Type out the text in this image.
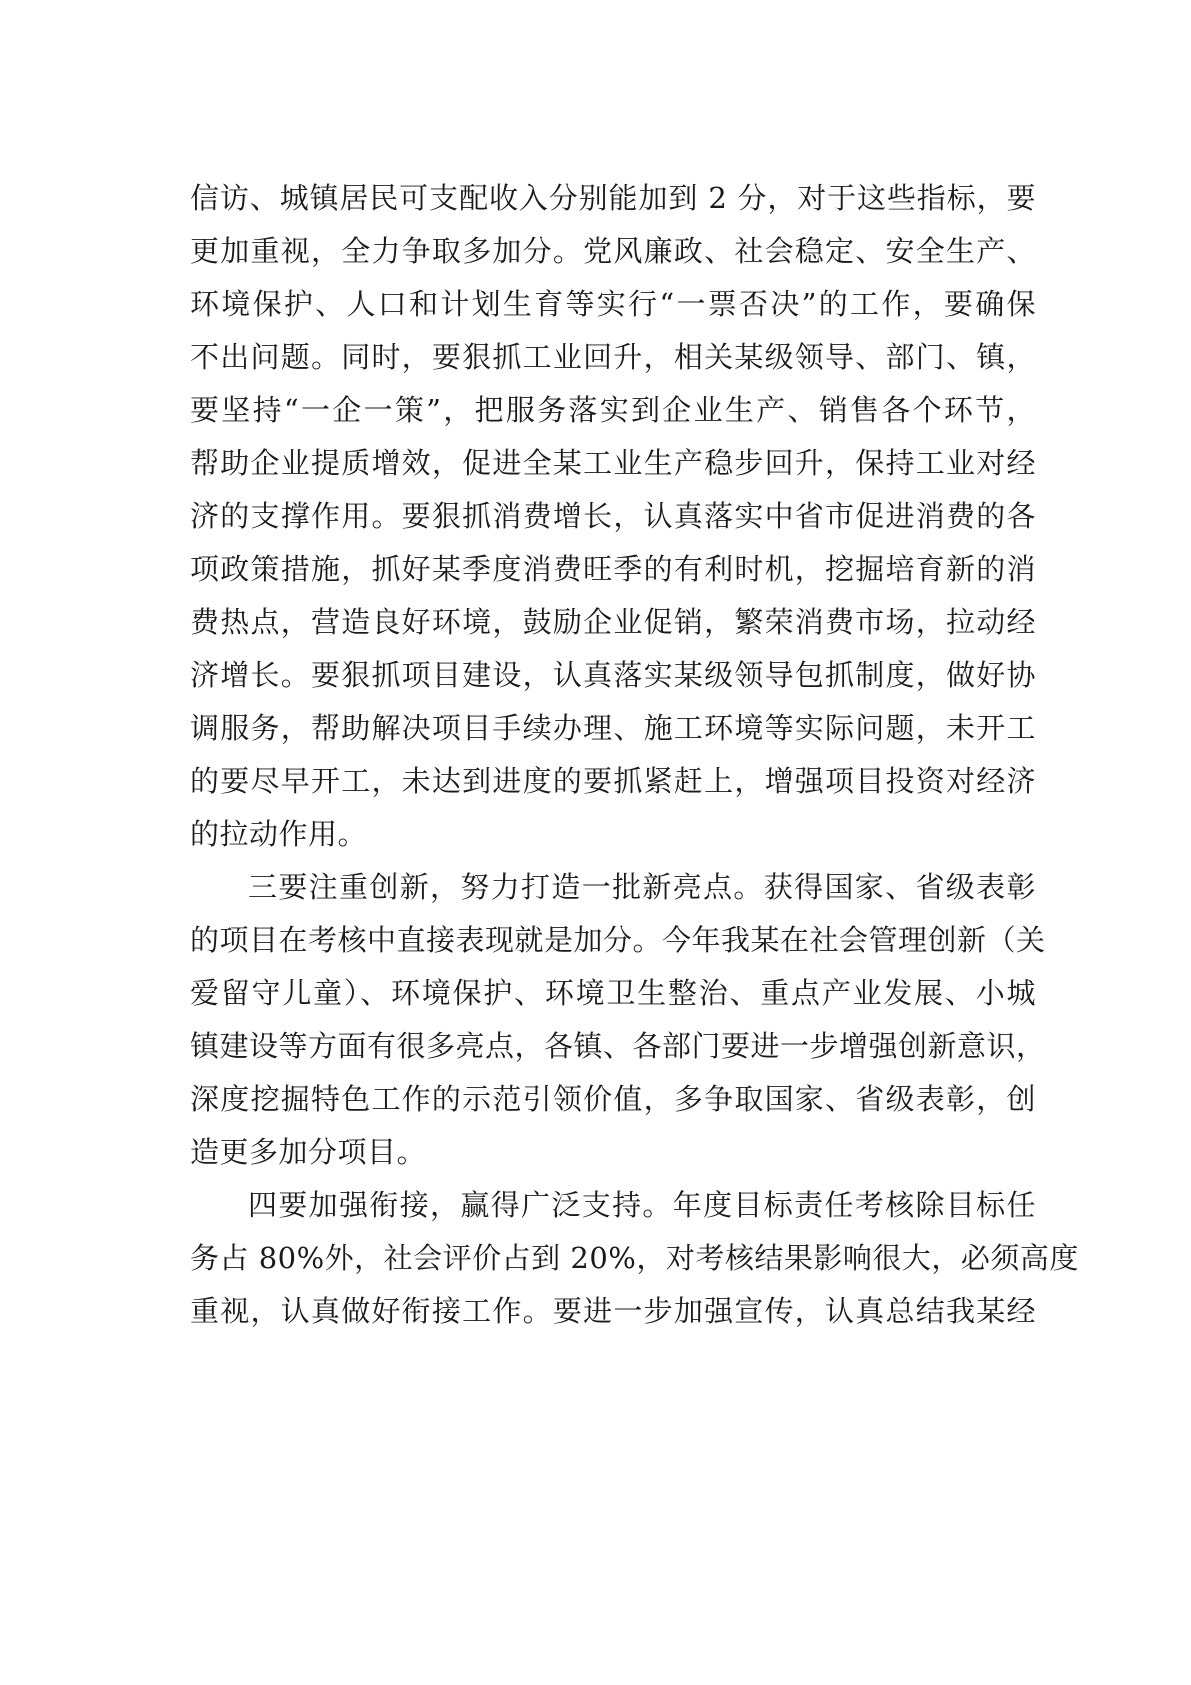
信访、城镇居民可支配收入分别能加到 2 分，对于这些指标，要
更加重视，全力争取多加分。党风廉政、社会稳定、安全生产、
环境保护、人口和计划生育等实行“一票否决”的工作，要确保
不出问题。同时，要狠抓工业回升，相关某级领导、部门、镇，
要坚持“一企一策”，把服务落实到企业生产、销售各个环节，
帮助企业提质增效，促进全某工业生产稳步回升，保持工业对经
济的支撑作用。要狠抓消费增长，认真落实中省市促进消费的各
项政策措施，抓好某季度消费旺季的有利时机，挖掘培育新的消
费热点，营造良好环境，鼓励企业促销，繁荣消费市场，拉动经
济增长。要狠抓项目建设，认真落实某级领导包抓制度，做好协
调服务，帮助解决项目手续办理、施工环境等实际问题，未开工
的要尽早开工，未达到进度的要抓紧赶上，增强项目投资对经济
的拉动作用。

三要注重创新，努力打造一批新亮点。获得国家、省级表彰
的项目在考核中直接表现就是加分。今年我某在社会管理创新（关
爱留守儿童）、环境保护、环境卫生整治、重点产业发展、小城
镇建设等方面有很多亮点，各镇、各部门要进一步增强创新意识，
深度挖掘特色工作的示范引领价值，多争取国家、省级表彰，创
造更多加分项目。

四要加强衔接，赢得广泛支持。年度目标责任考核除目标任
务占 80%外，社会评价占到 20%，对考核结果影响很大，必须高度
重视，认真做好衔接工作。要进一步加强宣传，认真总结我某经
